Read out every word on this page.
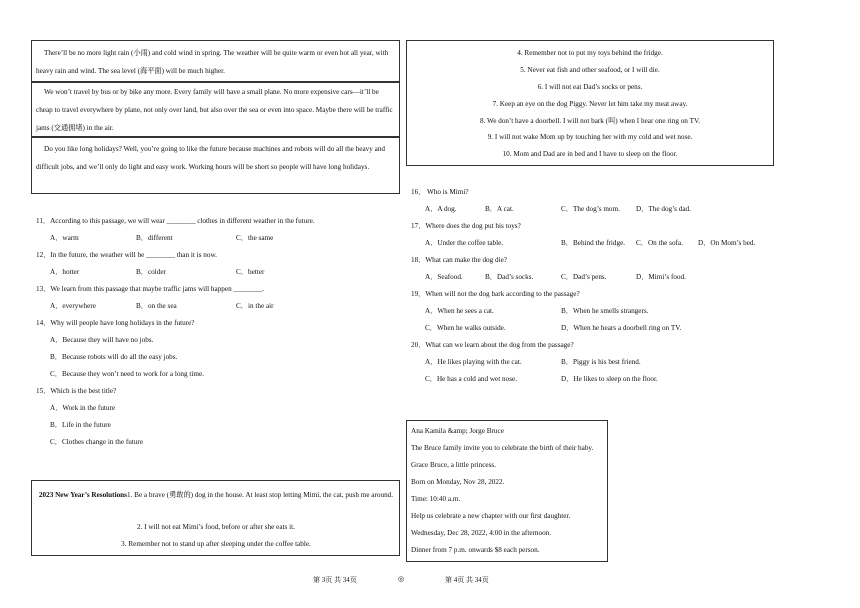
There’ll be no more light rain (小雨) and cold wind in spring. The weather will be quite warm or even hot all year, with heavy rain and wind. The sea level (海平面) will be much higher.
We won’t travel by bus or by bike any more. Every family will have a small plane. No more expensive cars—it’ll be cheap to travel everywhere by plane, not only over land, but also over the sea or even into space. Maybe there will be traffic jams (交通拥堵) in the air.
Do you like long holidays? Well, you’re going to like the future because machines and robots will do all the heavy and difficult jobs, and we’ll only do light and easy work. Working hours will be short so people will have long holidays.
11．According to this passage, we will wear ________ clothes in different weather in the future.
A．warm	B．different	C．the same
12．In the future, the weather will be ________ than it is now.
A．hotter	B．colder	C．better
13．We learn from this passage that maybe traffic jams will happen ________.
A．everywhere	B．on the sea	C．in the air
14．Why will people have long holidays in the future?
A．Because they will have no jobs.
B．Because robots will do all the easy jobs.
C．Because they won’t need to work for a long time.
15．Which is the best title?
A．Work in the future
B．Life in the future
C．Clothes change in the future
2023 New Year’s Resolutions1. Be a brave (勇敢的) dog in the house. At least stop letting Mimi, the cat, push me around.
2. I will not eat Mimi’s food, before or after she eats it.
3. Remember not to stand up after sleeping under the coffee table.
4. Remember not to put my toys behind the fridge.
5. Never eat fish and other seafood, or I will die.
6. I will not eat Dad’s socks or pens.
7. Keep an eye on the dog Piggy. Never let him take my meat away.
8. We don’t have a doorbell. I will not bark (叫) when I hear one ring on TV.
9. I will not wake Mom up by touching her with my cold and wet nose.
10. Mom and Dad are in bed and I have to sleep on the floor.
16． Who is Mimi?
A．A dog.	B．A cat.	C．The dog’s mom. D．The dog’s dad.
17．Where does the dog put his toys?
A．Under the coffee table.	B．Behind the fridge. C．On the sofa. D．On Mom’s bed.
18．What can make the dog die?
A．Seafood.	B．Dad’s socks.	C．Dad’s pens.	D．Mimi’s food.
19．When will not the dog bark according to the passage?
A．When he sees a cat.	B．When he smells strangers.
C．When he walks outside.	D．When he hears a doorbell ring on TV.
20．What can we learn about the dog from the passage?
A．He likes playing with the cat.	B．Piggy is his best friend.
C．He has a cold and wet nose.	D．He likes to sleep on the floor.
Ana Kamila &amp; Jorge Bruce
The Bruce family invite you to celebrate the birth of their baby.
Grace Bruce, a little princess.
Born on Monday, Nov 28, 2022.
Time: 10:40 a.m.
Help us celebrate a new chapter with our first daughter.
Wednesday, Dec 28, 2022, 4:00 in the afternoon.
Dinner from 7 p.m. onwards $8 each person.
第 3页 共 34页	◎	第 4页 共 34页
